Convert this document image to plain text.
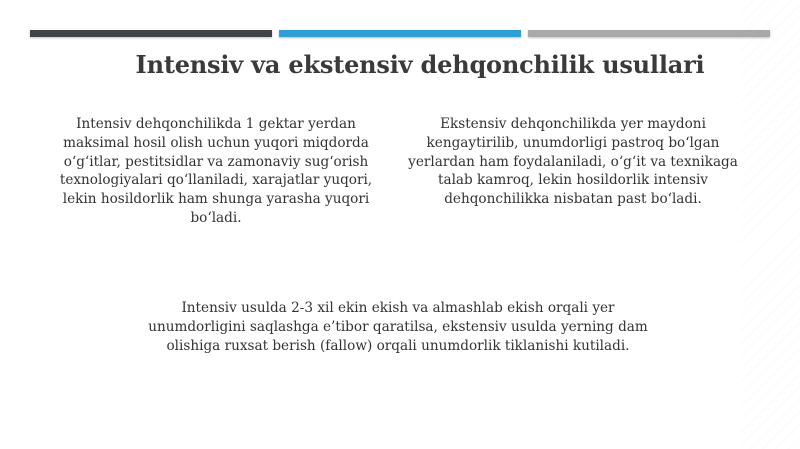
Intensiv va ekstensiv dehqonchilik usullari

Intensiv dehqonchilikda 1 gektar yerdan maksimal hosil olish uchun yuqori miqdorda o‘g‘itlar, pestitsidlar va zamonaviy sug‘orish texnologiyalari qo‘llaniladi, xarajatlar yuqori, lekin hosildorlik ham shunga yarasha yuqori bo‘ladi.

Ekstensiv dehqonchilikda yer maydoni kengaytirilib, unumdorligi pastroq bo‘lgan yerlardan ham foydalaniladi, o‘g‘it va texnikaga talab kamroq, lekin hosildorlik intensiv dehqonchilikka nisbatan past bo‘ladi.

Intensiv usulda 2-3 xil ekin ekish va almashlab ekish orqali yer unumdorligini saqlashga e’tibor qaratilsa, ekstensiv usulda yerning dam olishiga ruxsat berish (fallow) orqali unumdorlik tiklanishi kutiladi.
